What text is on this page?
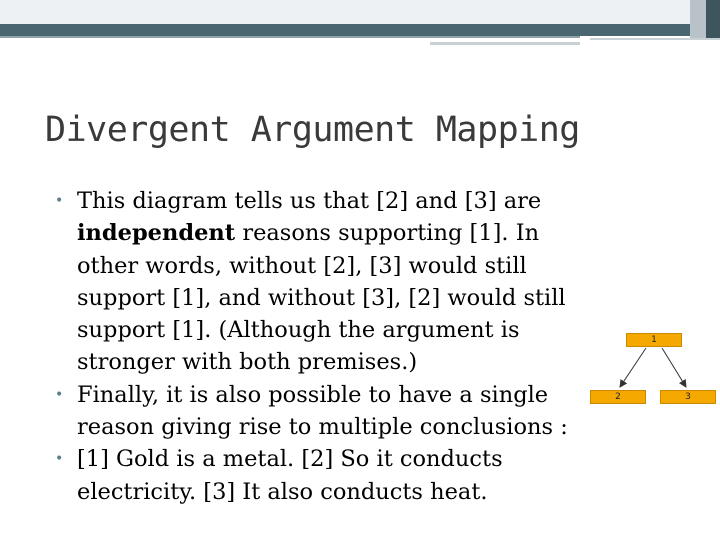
Divergent Argument Mapping
• This diagram tells us that [2] and [3] are independent reasons supporting [1]. In other words, without [2], [3] would still support [1], and without [3], [2] would still support [1]. (Although the argument is stronger with both premises.)
• Finally, it is also possible to have a single reason giving rise to multiple conclusions :
• [1] Gold is a metal. [2] So it conducts electricity. [3] It also conducts heat.
1
2	3
